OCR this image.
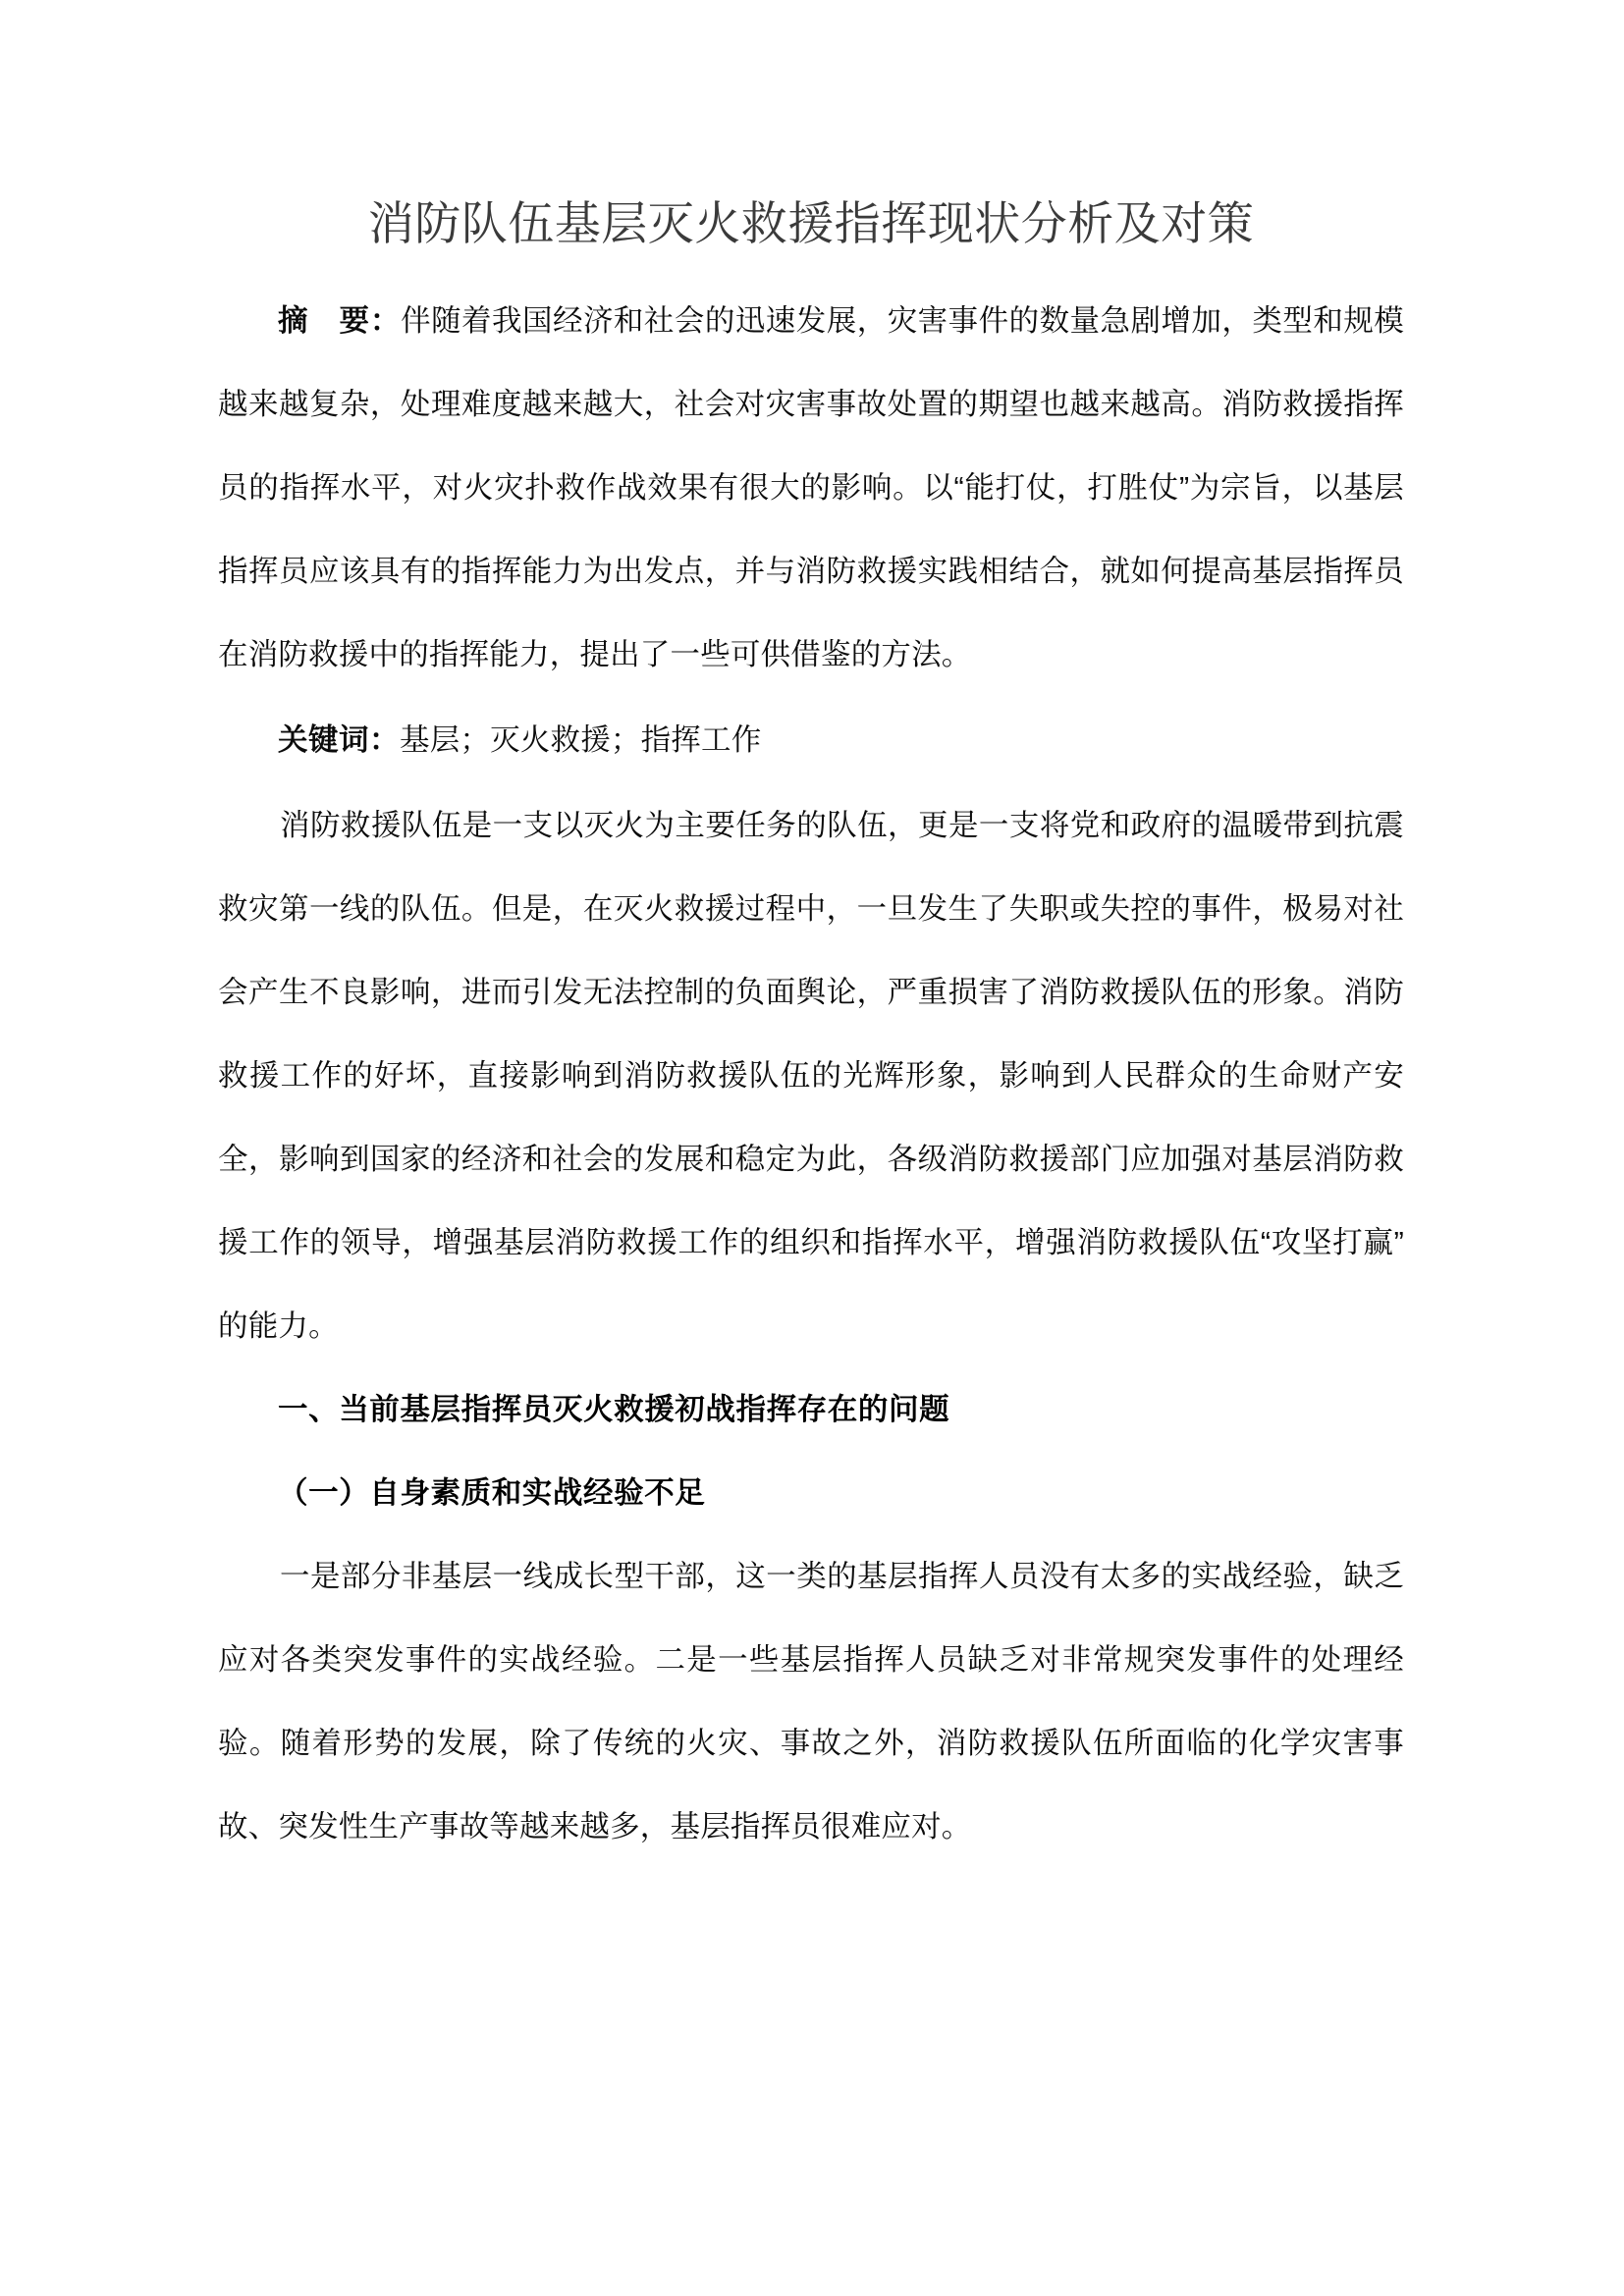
消防队伍基层灭火救援指挥现状分析及对策

摘　要：伴随着我国经济和社会的迅速发展，灾害事件的数量急剧增加，类型和规模越来越复杂，处理难度越来越大，社会对灾害事故处置的期望也越来越高。消防救援指挥员的指挥水平，对火灾扑救作战效果有很大的影响。以“能打仗，打胜仗”为宗旨，以基层指挥员应该具有的指挥能力为出发点，并与消防救援实践相结合，就如何提高基层指挥员在消防救援中的指挥能力，提出了一些可供借鉴的方法。

关键词：基层；灭火救援；指挥工作

消防救援队伍是一支以灭火为主要任务的队伍，更是一支将党和政府的温暖带到抗震救灾第一线的队伍。但是，在灭火救援过程中，一旦发生了失职或失控的事件，极易对社会产生不良影响，进而引发无法控制的负面舆论，严重损害了消防救援队伍的形象。消防救援工作的好坏，直接影响到消防救援队伍的光辉形象，影响到人民群众的生命财产安全，影响到国家的经济和社会的发展和稳定为此，各级消防救援部门应加强对基层消防救援工作的领导，增强基层消防救援工作的组织和指挥水平，增强消防救援队伍“攻坚打赢”的能力。

一、当前基层指挥员灭火救援初战指挥存在的问题
（一）自身素质和实战经验不足

一是部分非基层一线成长型干部，这一类的基层指挥人员没有太多的实战经验，缺乏应对各类突发事件的实战经验。二是一些基层指挥人员缺乏对非常规突发事件的处理经验。随着形势的发展，除了传统的火灾、事故之外，消防救援队伍所面临的化学灾害事故、突发性生产事故等越来越多，基层指挥员很难应对。
